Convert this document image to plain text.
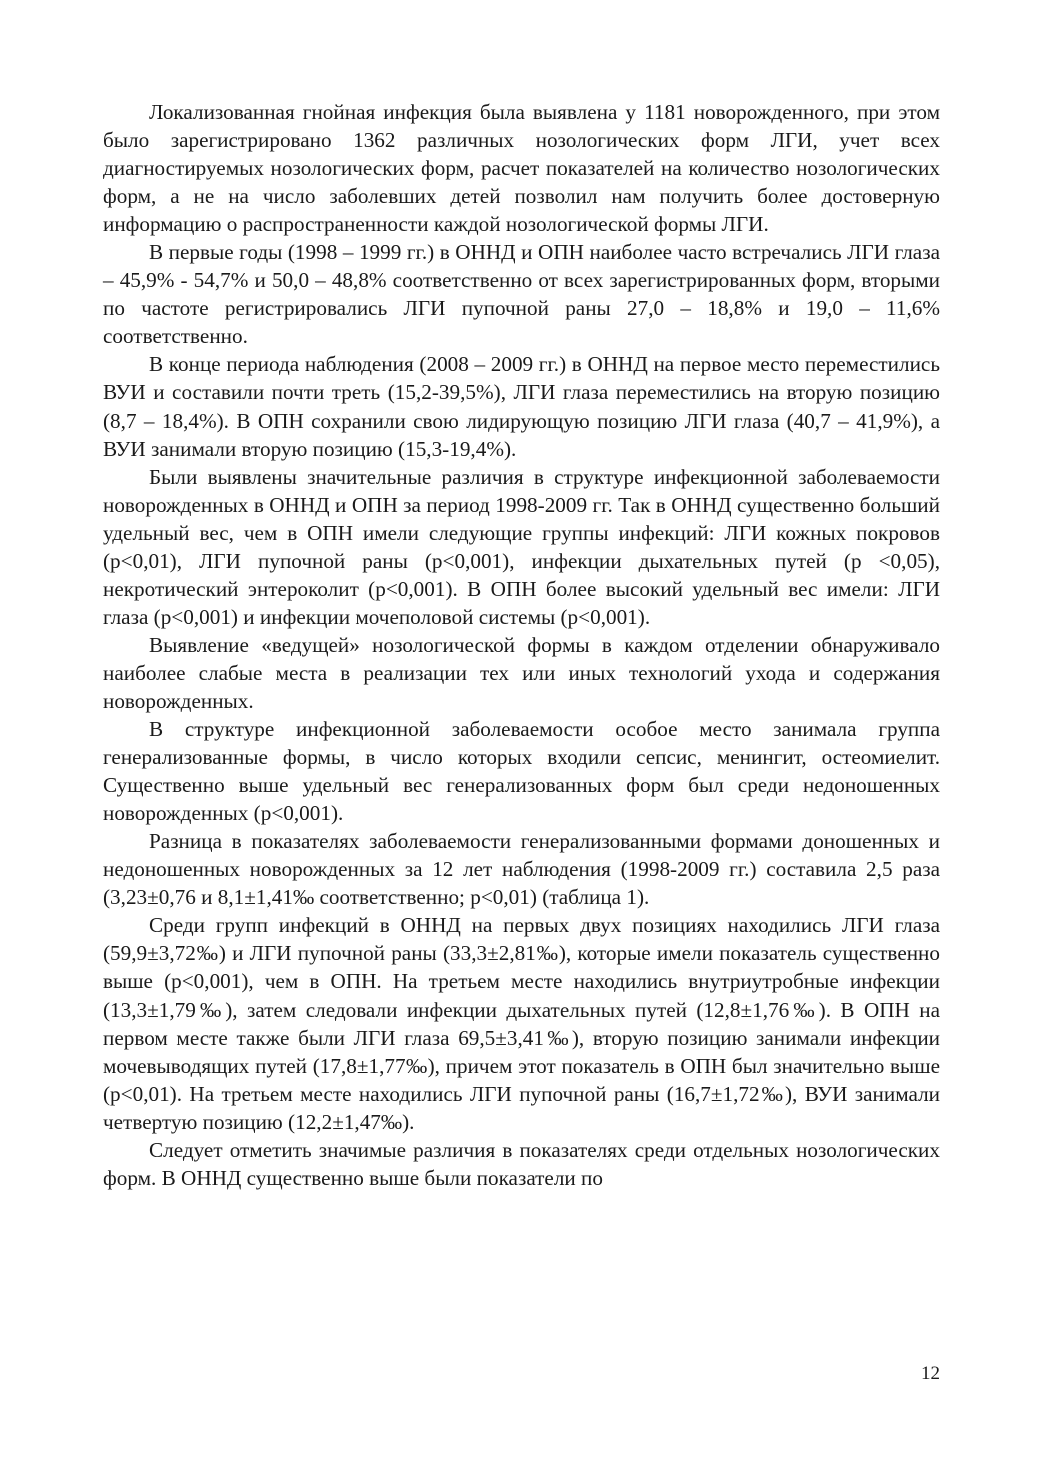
Локализованная гнойная инфекция была выявлена у 1181 новорожденного, при этом было зарегистрировано 1362 различных нозологических форм ЛГИ, учет всех диагностируемых нозологических форм, расчет показателей на количество нозологических форм, а не на число заболевших детей позволил нам получить более достоверную информацию о распространенности каждой нозологической формы ЛГИ.

В первые годы (1998 – 1999 гг.) в ОННД и ОПН наиболее часто встречались ЛГИ глаза – 45,9% - 54,7% и 50,0 – 48,8% соответственно от всех зарегистрированных форм, вторыми по частоте регистрировались ЛГИ пупочной раны 27,0 – 18,8% и 19,0 – 11,6% соответственно.

В конце периода наблюдения (2008 – 2009 гг.) в ОННД на первое место переместились ВУИ и составили почти треть (15,2-39,5%), ЛГИ глаза переместились на вторую позицию (8,7 – 18,4%). В ОПН сохранили свою лидирующую позицию ЛГИ глаза (40,7 – 41,9%), а ВУИ занимали вторую позицию (15,3-19,4%).

Были выявлены значительные различия в структуре инфекционной заболеваемости новорожденных в ОННД и ОПН за период 1998-2009 гг. Так в ОННД существенно больший удельный вес, чем в ОПН имели следующие группы инфекций: ЛГИ кожных покровов (p<0,01), ЛГИ пупочной раны (p<0,001), инфекции дыхательных путей (p <0,05), некротический энтероколит (p<0,001). В ОПН более высокий удельный вес имели: ЛГИ глаза (p<0,001) и инфекции мочеполовой системы (p<0,001).

Выявление «ведущей» нозологической формы в каждом отделении обнаруживало наиболее слабые места в реализации тех или иных технологий ухода и содержания новорожденных.

В структуре инфекционной заболеваемости особое место занимала группа генерализованные формы, в число которых входили сепсис, менингит, остеомиелит. Существенно выше удельный вес генерализованных форм был среди недоношенных новорожденных (p<0,001).

Разница в показателях заболеваемости генерализованными формами доношенных и недоношенных новорожденных за 12 лет наблюдения (1998-2009 гг.) составила 2,5 раза (3,23±0,76 и 8,1±1,41‰ соответственно; p<0,01) (таблица 1).

Среди групп инфекций в ОННД на первых двух позициях находились ЛГИ глаза (59,9±3,72‰) и ЛГИ пупочной раны (33,3±2,81‰), которые имели показатель существенно выше (p<0,001), чем в ОПН. На третьем месте находились внутриутробные инфекции (13,3±1,79‰), затем следовали инфекции дыхательных путей (12,8±1,76‰). В ОПН на первом месте также были ЛГИ глаза 69,5±3,41‰), вторую позицию занимали инфекции мочевыводящих путей (17,8±1,77‰), причем этот показатель в ОПН был значительно выше (p<0,01). На третьем месте находились ЛГИ пупочной раны (16,7±1,72‰), ВУИ занимали четвертую позицию (12,2±1,47‰).

Следует отметить значимые различия в показателях среди отдельных нозологических форм. В ОННД существенно выше были показатели по

12
